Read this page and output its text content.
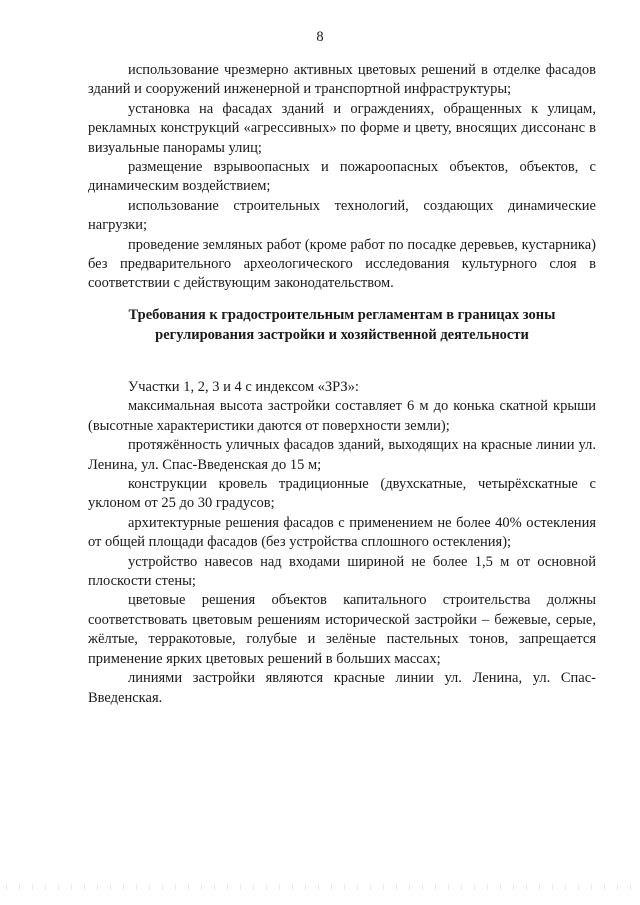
8

использование чрезмерно активных цветовых решений в отделке фасадов зданий и сооружений инженерной и транспортной инфраструктуры;

установка на фасадах зданий и ограждениях, обращенных к улицам, рекламных конструкций «агрессивных» по форме и цвету, вносящих диссонанс в визуальные панорамы улиц;

размещение взрывоопасных и пожароопасных объектов, объектов, с динамическим воздействием;

использование строительных технологий, создающих динамические нагрузки;

проведение земляных работ (кроме работ по посадке деревьев, кустарника) без предварительного археологического исследования культурного слоя в соответствии с действующим законодательством.

Требования к градостроительным регламентам в границах зоны регулирования застройки и хозяйственной деятельности

Участки 1, 2, 3 и 4 с индексом «ЗРЗ»:

максимальная высота застройки составляет 6 м до конька скатной крыши (высотные характеристики даются от поверхности земли);

протяжённость уличных фасадов зданий, выходящих на красные линии ул. Ленина, ул. Спас-Введенская до 15 м;

конструкции кровель традиционные (двухскатные, четырёхскатные с уклоном от 25 до 30 градусов;

архитектурные решения фасадов с применением не более 40% остекления от общей площади фасадов (без устройства сплошного остекления);

устройство навесов над входами шириной не более 1,5 м от основной плоскости стены;

цветовые решения объектов капитального строительства должны соответствовать цветовым решениям исторической застройки – бежевые, серые, жёлтые, терракотовые, голубые и зелёные пастельных тонов, запрещается применение ярких цветовых решений в больших массах;

линиями застройки являются красные линии ул. Ленина, ул. Спас-Введенская.
